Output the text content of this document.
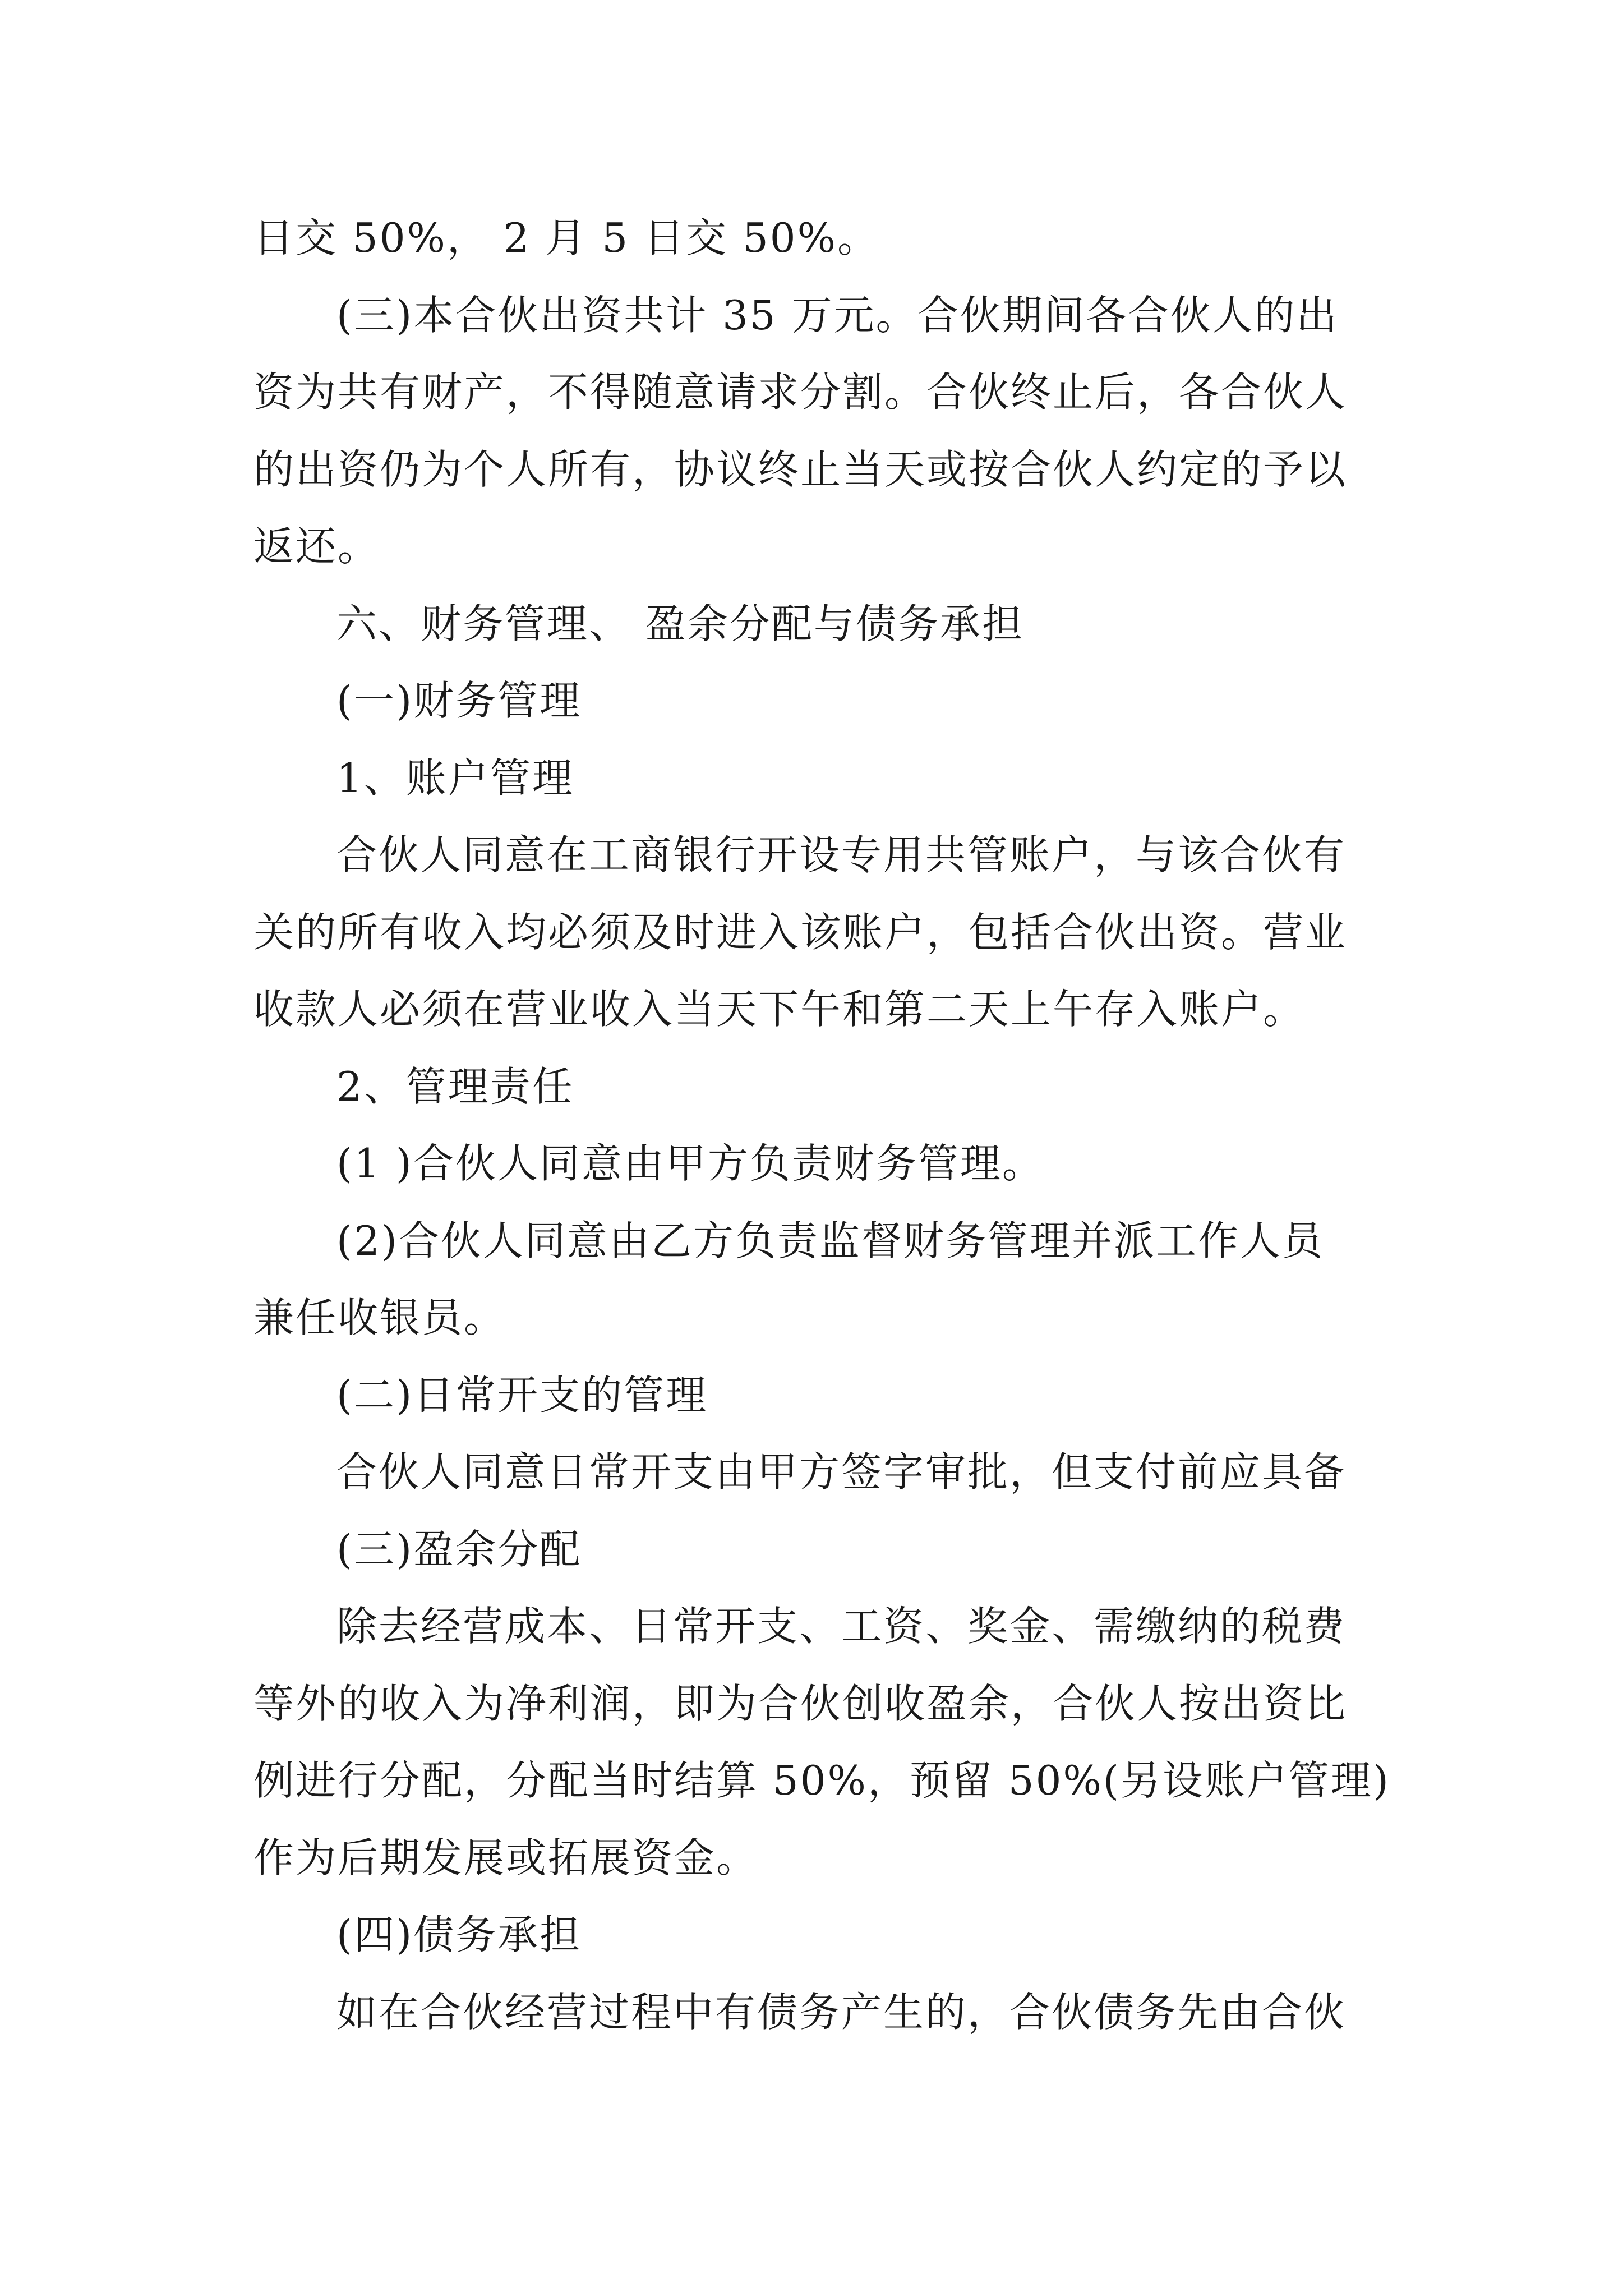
日交 50%， 2 月 5 日交 50%。
(三)本合伙出资共计 35 万元。合伙期间各合伙人的出
资为共有财产，不得随意请求分割。合伙终止后，各合伙人
的出资仍为个人所有，协议终止当天或按合伙人约定的予以
返还。
六、财务管理、 盈余分配与债务承担
(一)财务管理
1、账户管理
合伙人同意在工商银行开设专用共管账户，与该合伙有
关的所有收入均必须及时进入该账户，包括合伙出资。营业
收款人必须在营业收入当天下午和第二天上午存入账户。
2、管理责任
(1 )合伙人同意由甲方负责财务管理。
(2)合伙人同意由乙方负责监督财务管理并派工作人员
兼任收银员。
(二)日常开支的管理
合伙人同意日常开支由甲方签字审批，但支付前应具备
(三)盈余分配
除去经营成本、日常开支、工资、奖金、需缴纳的税费
等外的收入为净利润，即为合伙创收盈余，合伙人按出资比
例进行分配，分配当时结算 50%，预留 50%(另设账户管理)
作为后期发展或拓展资金。
(四)债务承担
如在合伙经营过程中有债务产生的，合伙债务先由合伙
